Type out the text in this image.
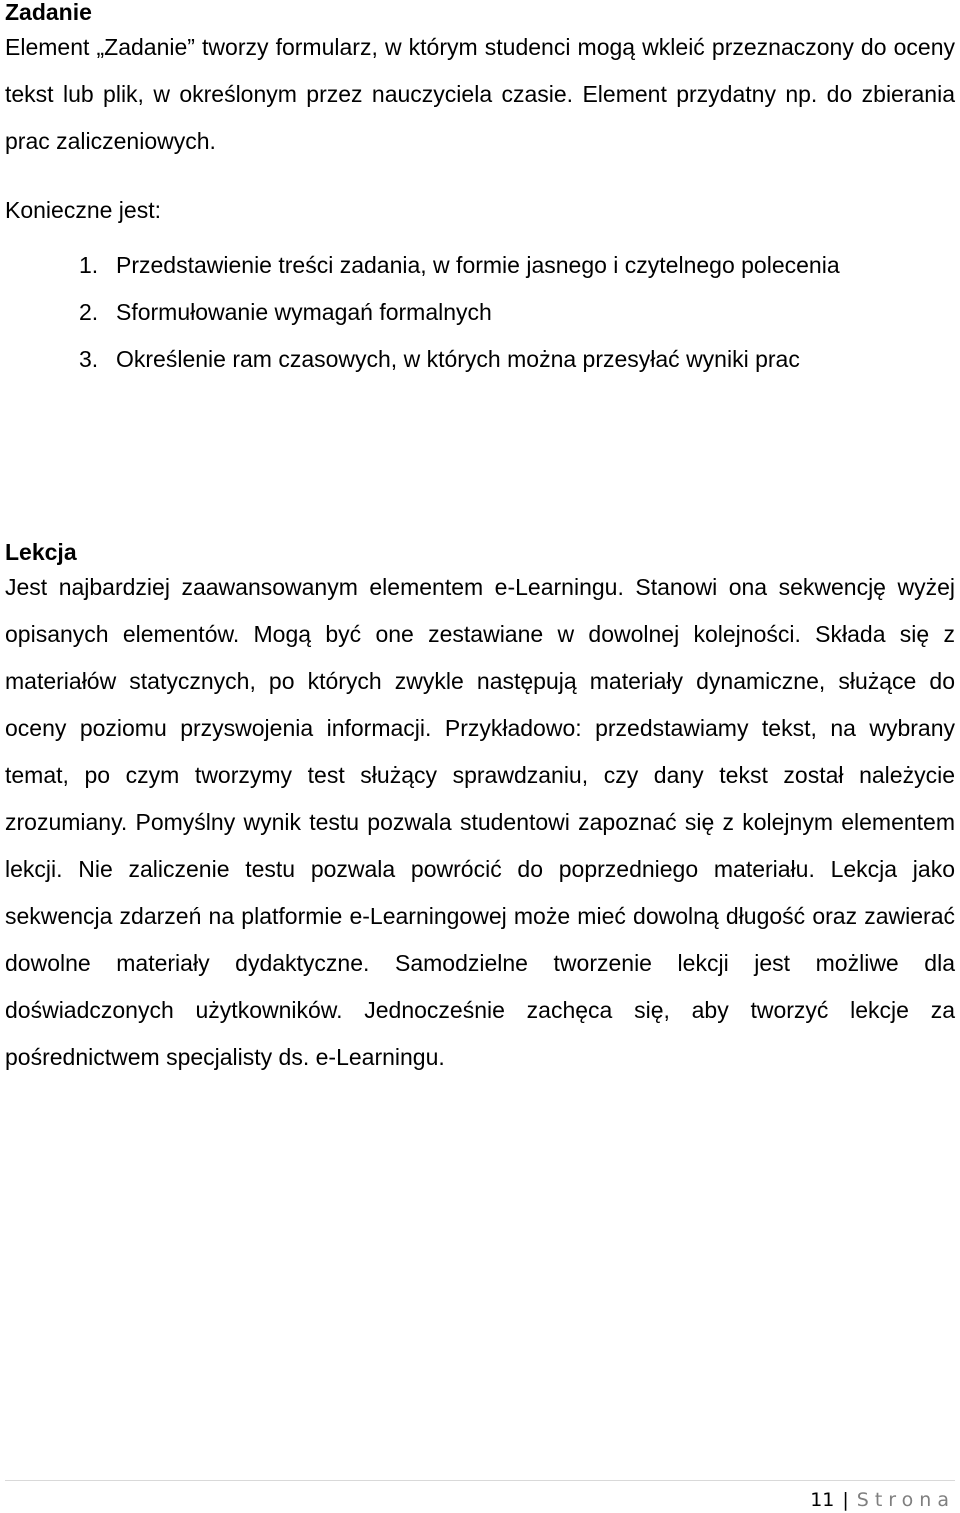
Zadanie

Element „Zadanie” tworzy formularz, w którym studenci mogą wkleić przeznaczony do oceny tekst lub plik, w określonym przez nauczyciela czasie. Element przydatny np. do zbierania prac zaliczeniowych.

Konieczne jest:

1. Przedstawienie treści zadania, w formie jasnego i czytelnego polecenia
2. Sformułowanie wymagań formalnych
3. Określenie ram czasowych, w których można przesyłać wyniki prac
Lekcja

Jest najbardziej zaawansowanym elementem e-Learningu. Stanowi ona sekwencję wyżej opisanych elementów. Mogą być one zestawiane w dowolnej kolejności. Składa się z materiałów statycznych, po których zwykle następują materiały dynamiczne, służące do oceny poziomu przyswojenia informacji. Przykładowo: przedstawiamy tekst, na wybrany temat, po czym tworzymy test służący sprawdzaniu, czy dany tekst został należycie zrozumiany. Pomyślny wynik testu pozwala studentowi zapoznać się z kolejnym elementem lekcji. Nie zaliczenie testu pozwala powrócić do poprzedniego materiału. Lekcja jako sekwencja zdarzeń na platformie e-Learningowej może mieć dowolną długość oraz zawierać dowolne materiały dydaktyczne. Samodzielne tworzenie lekcji jest możliwe dla doświadczonych użytkowników. Jednocześnie zachęca się, aby tworzyć lekcje za pośrednictwem specjalisty ds. e-Learningu.

11 | Strona
